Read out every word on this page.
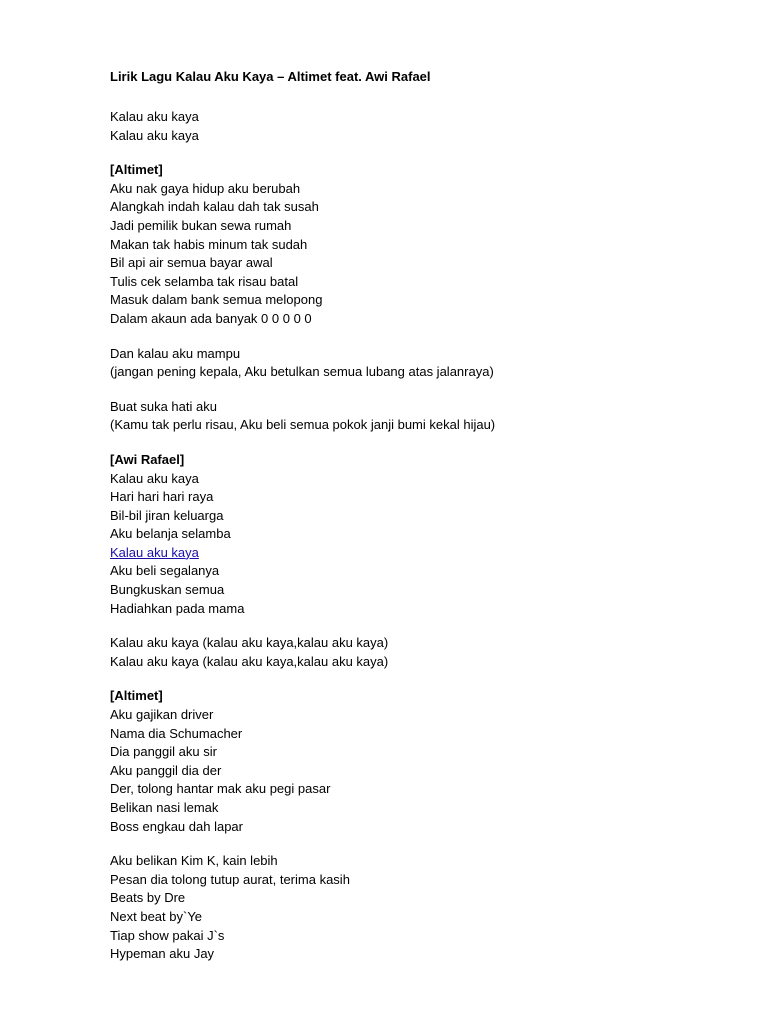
Lirik Lagu Kalau Aku Kaya – Altimet feat. Awi Rafael
Kalau aku kaya
Kalau aku kaya
[Altimet]
Aku nak gaya hidup aku berubah
Alangkah indah kalau dah tak susah
Jadi pemilik bukan sewa rumah
Makan tak habis minum tak sudah
Bil api air semua bayar awal
Tulis cek selamba tak risau batal
Masuk dalam bank semua melopong
Dalam akaun ada banyak 0 0 0 0 0
Dan kalau aku mampu
(jangan pening kepala, Aku betulkan semua lubang atas jalanraya)
Buat suka hati aku
(Kamu tak perlu risau, Aku beli semua pokok janji bumi kekal hijau)
[Awi Rafael]
Kalau aku kaya
Hari hari hari raya
Bil-bil jiran keluarga
Aku belanja selamba
Kalau aku kaya
Aku beli segalanya
Bungkuskan semua
Hadiahkan pada mama
Kalau aku kaya (kalau aku kaya,kalau aku kaya)
Kalau aku kaya (kalau aku kaya,kalau aku kaya)
[Altimet]
Aku gajikan driver
Nama dia Schumacher
Dia panggil aku sir
Aku panggil dia der
Der, tolong hantar mak aku pegi pasar
Belikan nasi lemak
Boss engkau dah lapar
Aku belikan Kim K, kain lebih
Pesan dia tolong tutup aurat, terima kasih
Beats by Dre
Next beat by`Ye
Tiap show pakai J`s
Hypeman aku Jay
